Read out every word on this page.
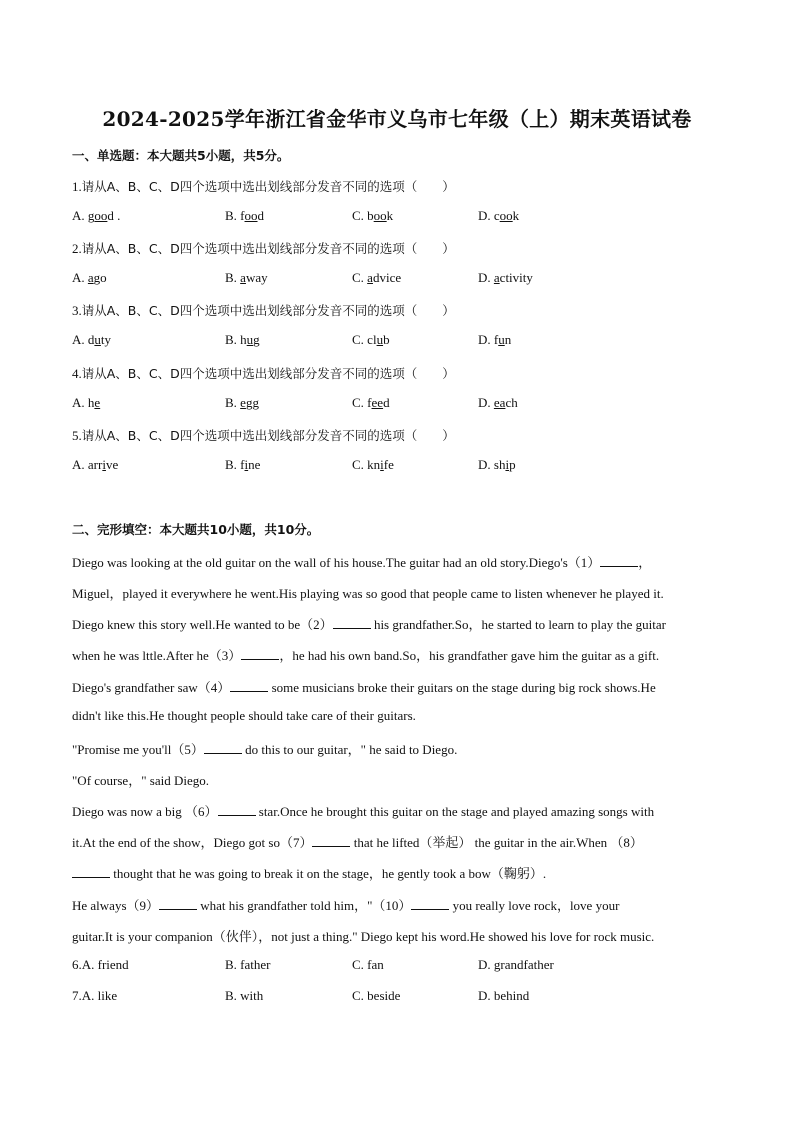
2024-2025学年浙江省金华市义乌市七年级（上）期末英语试卷
一、单选题：本大题共5小题，共5分。
1.请从A、B、C、D四个选项中选出划线部分发音不同的选项（　　）
A. good .	B. food	C. book	D. cook
2.请从A、B、C、D四个选项中选出划线部分发音不同的选项（　　）
A. ago	B. away	C. advice	D. activity
3.请从A、B、C、D四个选项中选出划线部分发音不同的选项（　　）
A. duty	B. hug	C. club	D. fun
4.请从A、B、C、D四个选项中选出划线部分发音不同的选项（　　）
A. he	B. egg	C. feed	D. each
5.请从A、B、C、D四个选项中选出划线部分发音不同的选项（　　）
A. arrive	B. fine	C. knife	D. ship
二、完形填空：本大题共10小题，共10分。
Diego was looking at the old guitar on the wall of his house.The guitar had an old story.Diego's（1）	，
Miguel，played it everywhere he went.His playing was so good that people came to listen whenever he played it.
Diego knew this story well.He wanted to be（2）	his grandfather.So，he started to learn to play the guitar
when he was lttle.After he（3）	，he had his own band.So，his grandfather gave him the guitar as a gift.
Diego's grandfather saw（4）	some musicians broke their guitars on the stage during big rock shows.He
didn't like this.He thought people should take care of their guitars.
"Promise me you'll（5）	do this to our guitar，" he said to Diego.
"Of course，" said Diego.
Diego was now a big （6）	star.Once he brought this guitar on the stage and played amazing songs with
it.At the end of the show，Diego got so（7）	that he lifted（举起） the guitar in the air.When （8）
thought that he was going to break it on the stage，he gently took a bow（鞠躬）.
He always（9）	what his grandfather told him，"（10）	you really love rock，love your
guitar.It is your companion（伙伴），not just a thing." Diego kept his word.He showed his love for rock music.
6.A. friend	B. father	C. fan	D. grandfather
7.A. like	B. with	C. beside	D. behind
